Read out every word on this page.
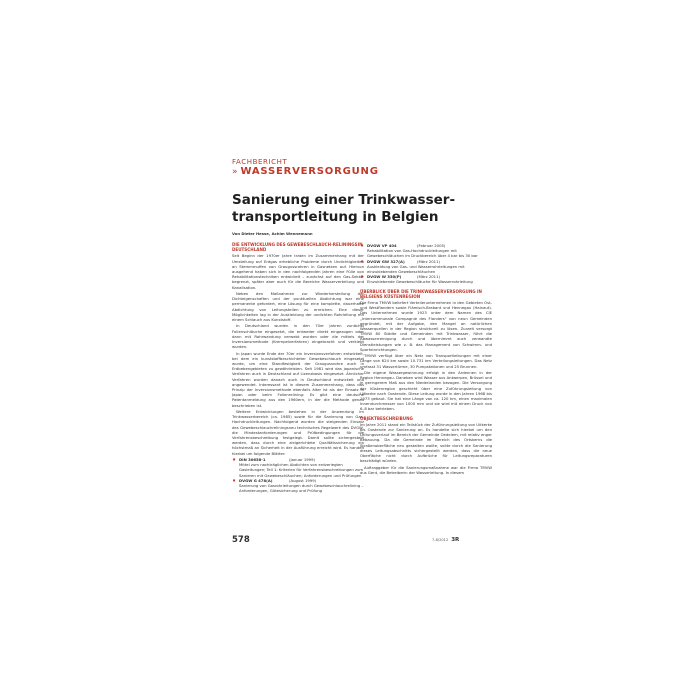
FACHBERICHT
» WASSERVERSORGUNG
Sanierung einer Trinkwasser-transportleitung in Belgien
Von Dieter Hesse, Achim Wennemann
DIE ENTWICKLUNG DES GEWEBESCHLAUCH-RELININGSIN DEUTSCHLAND

Seit Beginn der 1970er Jahre traten im Zusammenhang mit der Umstellung auf Erdgas erhebliche Probleme durch Undichtigkeiten an Stemmmuffen von Graugussrohren in Gasnetzen auf. Hiervon ausgehend haben sich in den nachfolgenden Jahren eine Fülle von Rehabilitationstechniken entwickelt – zunächst auf den Gas-Sektor begrenzt, später aber auch für die Bereiche Wasserverteilung und Kanalisation.

Neben den Maßnahmen zur Wiederherstellung der Dichteigenschaften und der punktuellen Abdichtung war eine permanente gefordert, eine Lösung für eine komplette, dauerhafte Abdichtung von Leitungsteilen zu erreichen. Eine dieser Möglichkeiten lag in der Auskleidung der undichten Rohrleitung mit einem Schlauch aus Kunststoff.

In Deutschland wurden in den 70er Jahren zunächst Folienschläuche eingesetzt, die entweder direkt eingezogen oder dann mit Rohrwandung verwebt wurden oder die mittels der Inversionsmethode (Krempelverfahren) eingebracht und verklebt wurden.

In Japan wurde Ende der 70er ein Inversionsverfahren entwickelt, bei dem ein kunststoffbeschichteter Gewebeschlauch eingesetzt wurde, um eine Standfestigkeit der Graugussrohre auch in Erdbebengebieten zu gewährleisten. Seit 1981 wird das japanische Verfahren auch in Deutschland auf Lizenzbasis eingesetzt. Ähnlicher Verfahren wurden danach auch in Deutschland entwickelt und angewendet. Interessant ist in diesem Zusammenhang, dass das Prinzip der Inversionsmethode ebenfalls älter ist als der Einsatz in Japan oder beim Folienrelining: Es gibt eine deutsche Patentanmeldung aus den 1960ern, in der die Methode genau beschrieben ist.

Weitere Entwicklungen bestehen in der Anwendung im Trinkwasserbereich (ca. 1985) sowie für die Sanierung von Gas-Hochdruckleitungen. Nachfolgend wurden die steigenden Einsatz des Gewebeschlauchreliningsneu technisches Regelwerk des DVGW, die Mindestanforderungen und Prüfbedingungen für die Verfahrensbeschreibung festgelegt. Damit sollte sichergestellt werden, dass durch eine zielgerichtete Qualitätssicherung ein höchstmaß an Sicherheit in der Ausführung erreicht wird. Es handelt hierbei um folgende Blätter:

■ DIN 30658-1	(Januar 1999)
Mittel zum nachträglichen Abdichten von erdverlegten Gasleitungen; Teil 1: Kriterien für Verfahrensbeschreibungen zum Sanieren mit Gewebeschläuchen; Anforderungen und Prüfungen
■ DVGW G 478(A)	(August 1999)
Sanierung von Gasrohrleitungen durch Gewebeschlauchrelining – Anforderungen, Gütesicherung und Prüfung
■ DVGW VP 404	(Februar 2005)
Rehabilitation von Gas-Hochdruckleitungen mit Gewebeschläuchen im Druckbereich über 4 bar bis 30 bar
■ DVGW GW 327(A)	(März 2011)
Auskleidung von Gas- und Wasserrohrleitungen mit einzuklebenden Gewebeschläuchen
■ DVGW W 330(P)	(März 2011)
Einzuklebende Gewebeschläuche für Wasserrohrleitung
ÜBERBLICK ÜBER DIE TRINKWASSERVERSORGUNG IN BELGIENS KÜSTENREGION

Die Firma TMVW beliefert Verteilerunternehmen in den Gebieten Ost- und Westflandern sowie Flämisch-Brabant und Hennegau (Hainaut). Das Unternehmen wurde 1923 unter dem Namen des CIE „Intercommunale Compagnie des Flanders" von neun Gemeinden gegründet, mit der Aufgabe, den Mangel an natürlichen Wasserquellen in der Region strukturell zu lösen. Zurzeit versorgt TMVW 80 Städte und Gemeinden mit Trinkwasser, führt die Abwasserreinigung durch und übernimmt auch verwandte Dienstleistungen wie z. B. das Management von Schwimm- und Sporteinrichtungen.

TMVW verfügt über ein Netz von Transportleitungen mit einer Länge von 624 km sowie 10.731 km Verteilungsleitungen. Das Netz umfasst 31 Wassertürme, 30 Pumpstationen und 25 Brunnen.

Die eigene Wassergewinnung erfolgt in den Ardennen in der Region Hennegau. Daneben wird Wasser aus Antwerpen, Brüssel und in geringerem Maß aus den Niederlanden bezogen. Die Versorgung der Küstenregion geschieht über eine Zuführungsleitung von Uitkerke nach Oostende. Diese Leitung wurde in den Jahren 1968 bis 1973 gebaut. Sie hat eine Länge von ca. 120 km, einen maximalen Innendurchmesser von 1000 mm und sie wird mit einem Druck von 6–8 bar betrieben.

OBJEKTBESCHREIBUNG

Im Jahre 2011 stand ein Teilstück der Zuführungsleitung von Uitkerke bis Oostende zur Sanierung an. Es handelte sich hierbei um den Leitungsverlauf im Bereich der Gemeinde Oedelem, mit relativ enger Bebauung. Da die Gemeinde im Bereich des Ortskerns die Straßenoberfläche neu gestalten wollte, sollte durch die Sanierung dieses Leitungsabschnitts sichergestellt werden, dass die neue Oberfläche nicht durch Aufbrüche für Leitungsreparaturen beschädigt würden.

Auftraggeber für die Sanierungsmaßnahme war die Firma TMVW aus Gent, die Betreiberin der Wasserleitung. In diesem

578	7-8/2012 3R
